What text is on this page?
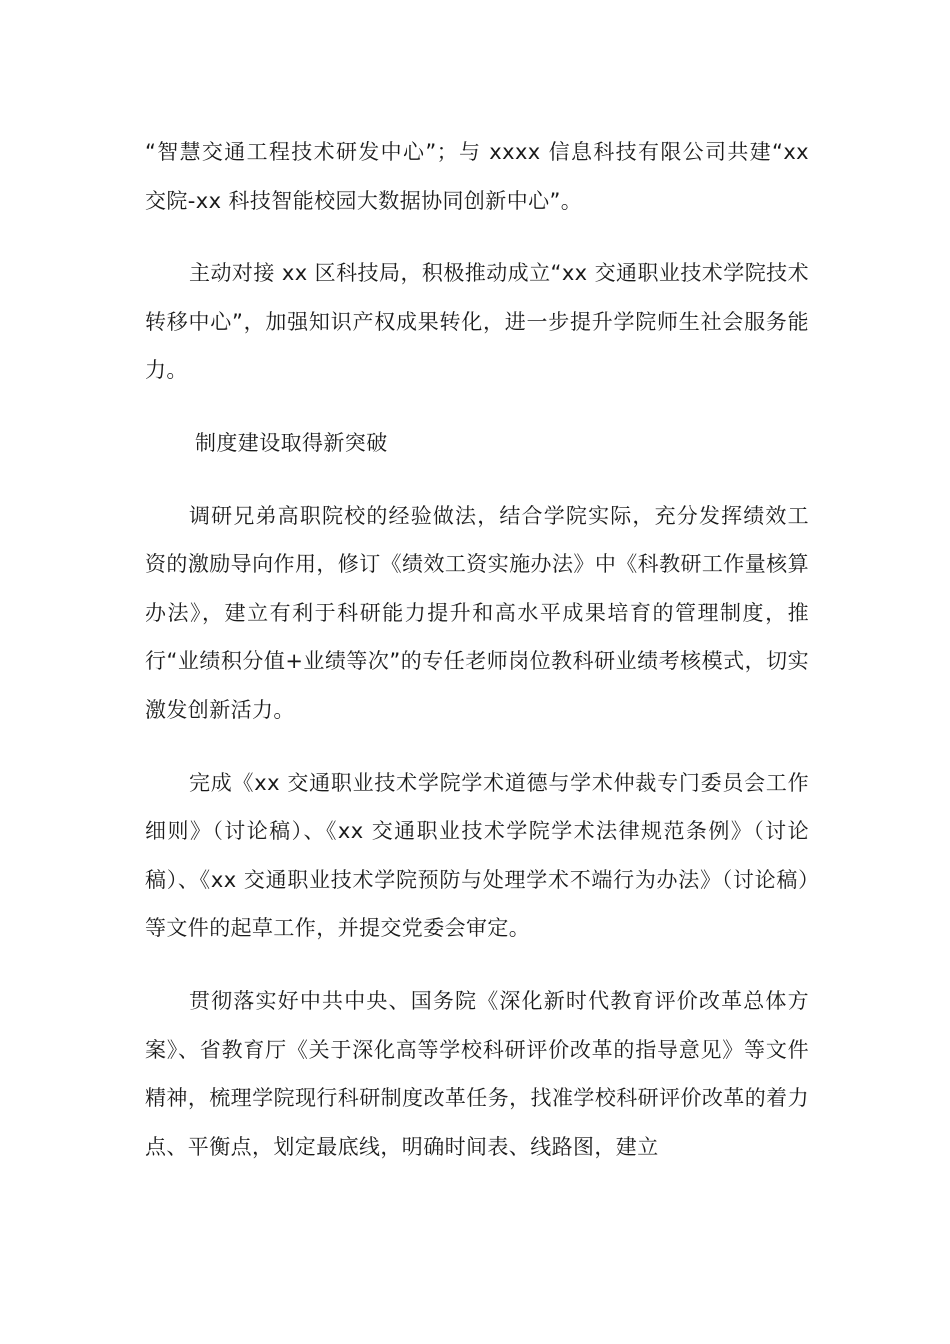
“智慧交通工程技术研发中心”；与 xxxx 信息科技有限公司共建“xx 交院-xx 科技智能校园大数据协同创新中心”。

主动对接 xx 区科技局，积极推动成立“xx 交通职业技术学院技术转移中心”，加强知识产权成果转化，进一步提升学院师生社会服务能力。

制度建设取得新突破

调研兄弟高职院校的经验做法，结合学院实际，充分发挥绩效工资的激励导向作用，修订《绩效工资实施办法》中《科教研工作量核算办法》，建立有利于科研能力提升和高水平成果培育的管理制度，推行“业绩积分值+业绩等次”的专任老师岗位教科研业绩考核模式，切实激发创新活力。

完成《xx 交通职业技术学院学术道德与学术仲裁专门委员会工作细则》（讨论稿）、《xx 交通职业技术学院学术法律规范条例》（讨论稿）、《xx 交通职业技术学院预防与处理学术不端行为办法》（讨论稿）等文件的起草工作，并提交党委会审定。

贯彻落实好中共中央、国务院《深化新时代教育评价改革总体方案》、省教育厅《关于深化高等学校科研评价改革的指导意见》等文件精神，梳理学院现行科研制度改革任务，找准学校科研评价改革的着力点、平衡点，划定最底线，明确时间表、线路图，建立
